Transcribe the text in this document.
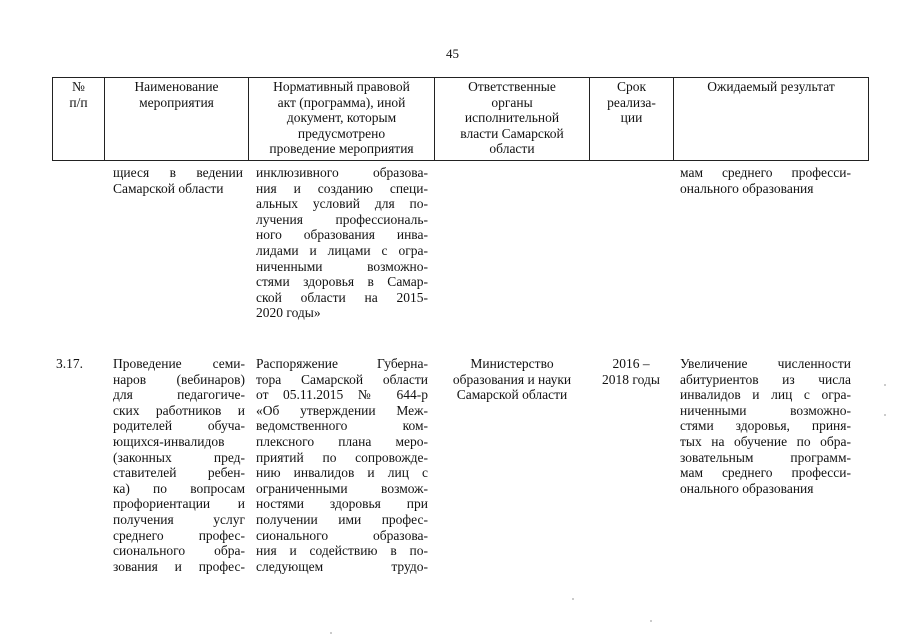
45
№
п/п
Наименование
мероприятия
Нормативный правовой
акт (программа), иной
документ, которым
предусмотрено
проведение мероприятия
Ответственные
органы
исполнительной
власти Самарской
области
Срок
реализа-
ции
Ожидаемый результат
щиеся в ведении
Самарской области
инклюзивного образова-
ния и созданию специ-
альных условий для по-
лучения профессиональ-
ного образования инва-
лидами и лицами с огра-
ниченными возможно-
стями здоровья в Самар-
ской области на 2015-
2020 годы»
мам среднего професси-
онального образования
3.17.	Проведение семи-
наров (вебинаров)
для педагогиче-
ских работников и
родителей обуча-
ющихся-инвалидов
(законных пред-
ставителей ребен-
ка) по вопросам
профориентации и
получения услуг
среднего профес-
сионального обра-
зования и профес-
Распоряжение Губерна-
тора Самарской области
от 05.11.2015 № 644-р
«Об утверждении Меж-
ведомственного ком-
плексного плана меро-
приятий по сопровожде-
нию инвалидов и лиц с
ограниченными возмож-
ностями здоровья при
получении ими профес-
сионального образова-
ния и содействию в по-
следующем трудо-
Министерство
образования и науки
Самарской области
2016 –
2018 годы
Увеличение численности
абитуриентов из числа
инвалидов и лиц с огра-
ниченными возможно-
стями здоровья, приня-
тых на обучение по обра-
зовательным программ-
мам среднего професси-
онального образования
